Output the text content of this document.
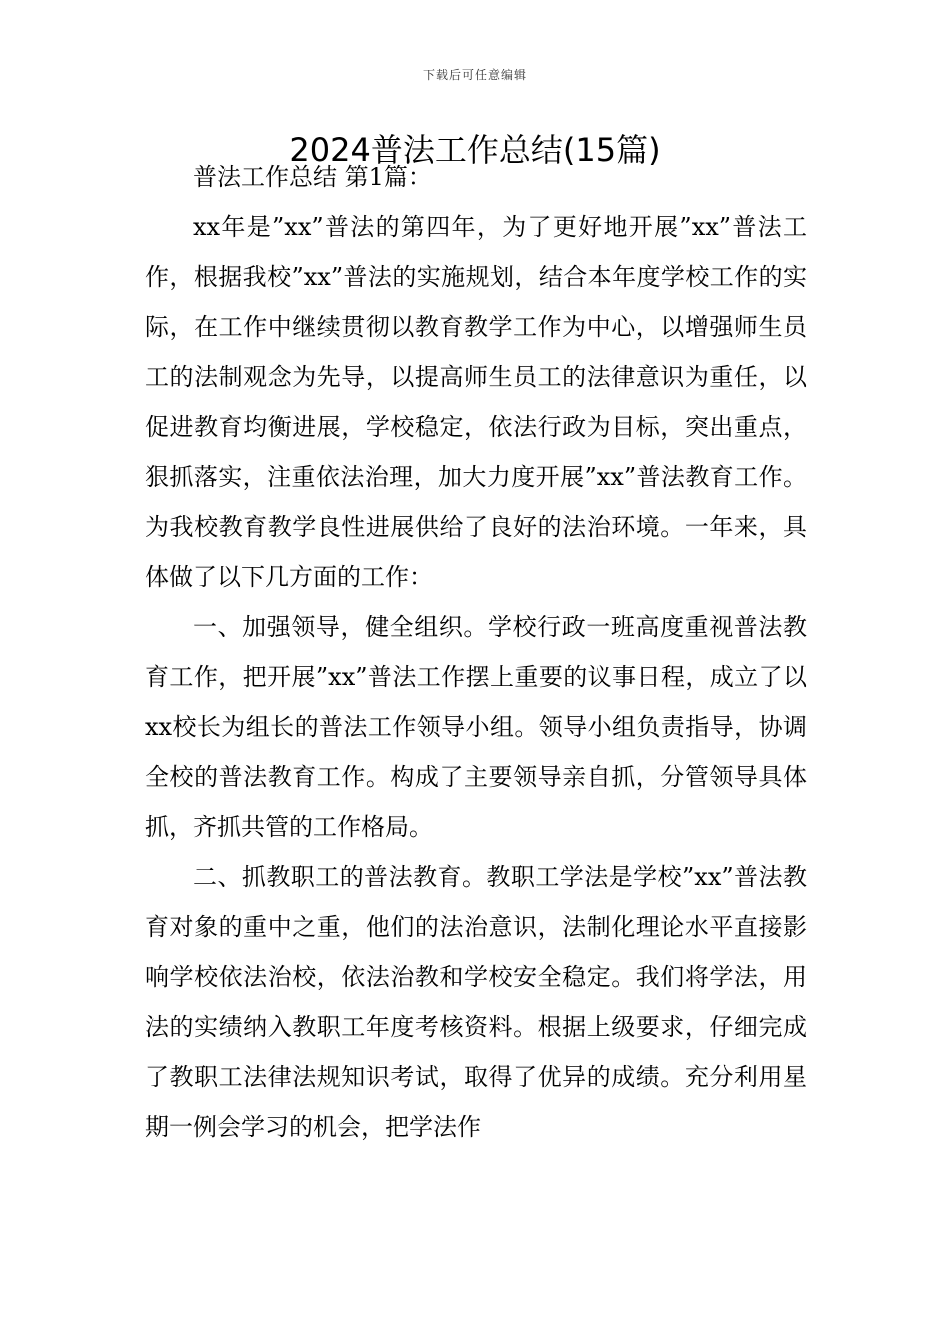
下载后可任意编辑
2024普法工作总结(15篇)

普法工作总结 第1篇：

xx年是”xx”普法的第四年，为了更好地开展”xx”普法工作，根据我校”xx”普法的实施规划，结合本年度学校工作的实际，在工作中继续贯彻以教育教学工作为中心，以增强师生员工的法制观念为先导，以提高师生员工的法律意识为重任，以促进教育均衡进展，学校稳定，依法行政为目标，突出重点，狠抓落实，注重依法治理，加大力度开展”xx”普法教育工作。为我校教育教学良性进展供给了良好的法治环境。一年来，具体做了以下几方面的工作：

一、加强领导，健全组织。学校行政一班高度重视普法教育工作，把开展”xx”普法工作摆上重要的议事日程，成立了以xx校长为组长的普法工作领导小组。领导小组负责指导，协调全校的普法教育工作。构成了主要领导亲自抓，分管领导具体抓，齐抓共管的工作格局。

二、抓教职工的普法教育。教职工学法是学校”xx”普法教育对象的重中之重，他们的法治意识，法制化理论水平直接影响学校依法治校，依法治教和学校安全稳定。我们将学法，用法的实绩纳入教职工年度考核资料。根据上级要求，仔细完成了教职工法律法规知识考试，取得了优异的成绩。充分利用星期一例会学习的机会，把学法作
